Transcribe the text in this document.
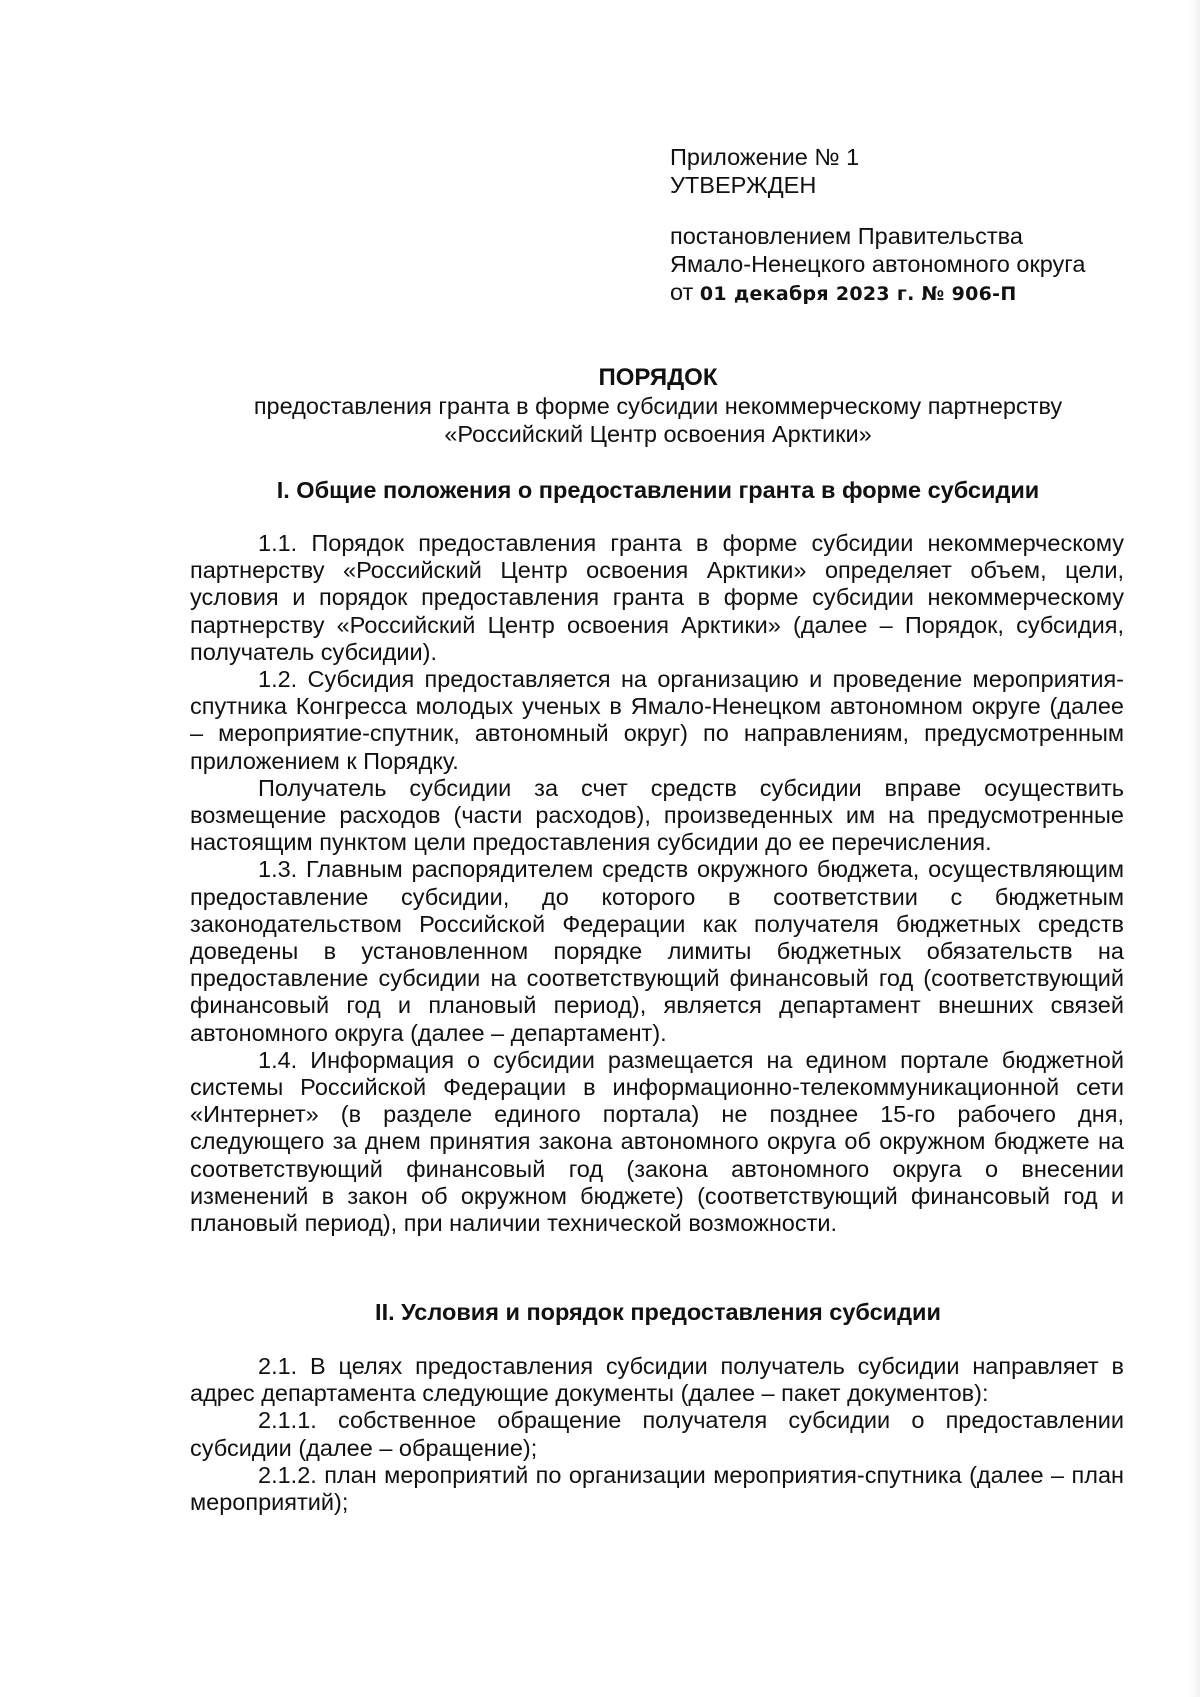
Приложение № 1
УТВЕРЖДЕН
постановлением Правительства
Ямало-Ненецкого автономного округа
от 01 декабря 2023 г. № 906-П
ПОРЯДОК
предоставления гранта в форме субсидии некоммерческому партнерству
«Российский Центр освоения Арктики»
I. Общие положения о предоставлении гранта в форме субсидии

1.1. Порядок предоставления гранта в форме субсидии некоммерческому партнерству «Российский Центр освоения Арктики» определяет объем, цели, условия и порядок предоставления гранта в форме субсидии некоммерческому партнерству «Российский Центр освоения Арктики» (далее – Порядок, субсидия, получатель субсидии).

1.2. Субсидия предоставляется на организацию и проведение мероприятия-спутника Конгресса молодых ученых в Ямало-Ненецком автономном округе (далее – мероприятие-спутник, автономный округ) по направлениям, предусмотренным приложением к Порядку.

Получатель субсидии за счет средств субсидии вправе осуществить возмещение расходов (части расходов), произведенных им на предусмотренные настоящим пунктом цели предоставления субсидии до ее перечисления.

1.3. Главным распорядителем средств окружного бюджета, осуществляющим предоставление субсидии, до которого в соответствии с бюджетным законодательством Российской Федерации как получателя бюджетных средств доведены в установленном порядке лимиты бюджетных обязательств на предоставление субсидии на соответствующий финансовый год (соответствующий финансовый год и плановый период), является департамент внешних связей автономного округа (далее – департамент).

1.4. Информация о субсидии размещается на едином портале бюджетной системы Российской Федерации в информационно-телекоммуникационной сети «Интернет» (в разделе единого портала) не позднее 15-го рабочего дня, следующего за днем принятия закона автономного округа об окружном бюджете на соответствующий финансовый год (закона автономного округа о внесении изменений в закон об окружном бюджете) (соответствующий финансовый год и плановый период), при наличии технической возможности.

II. Условия и порядок предоставления субсидии

2.1. В целях предоставления субсидии получатель субсидии направляет в адрес департамента следующие документы (далее – пакет документов):

2.1.1. собственное обращение получателя субсидии о предоставлении субсидии (далее – обращение);

2.1.2. план мероприятий по организации мероприятия-спутника (далее – план мероприятий);
